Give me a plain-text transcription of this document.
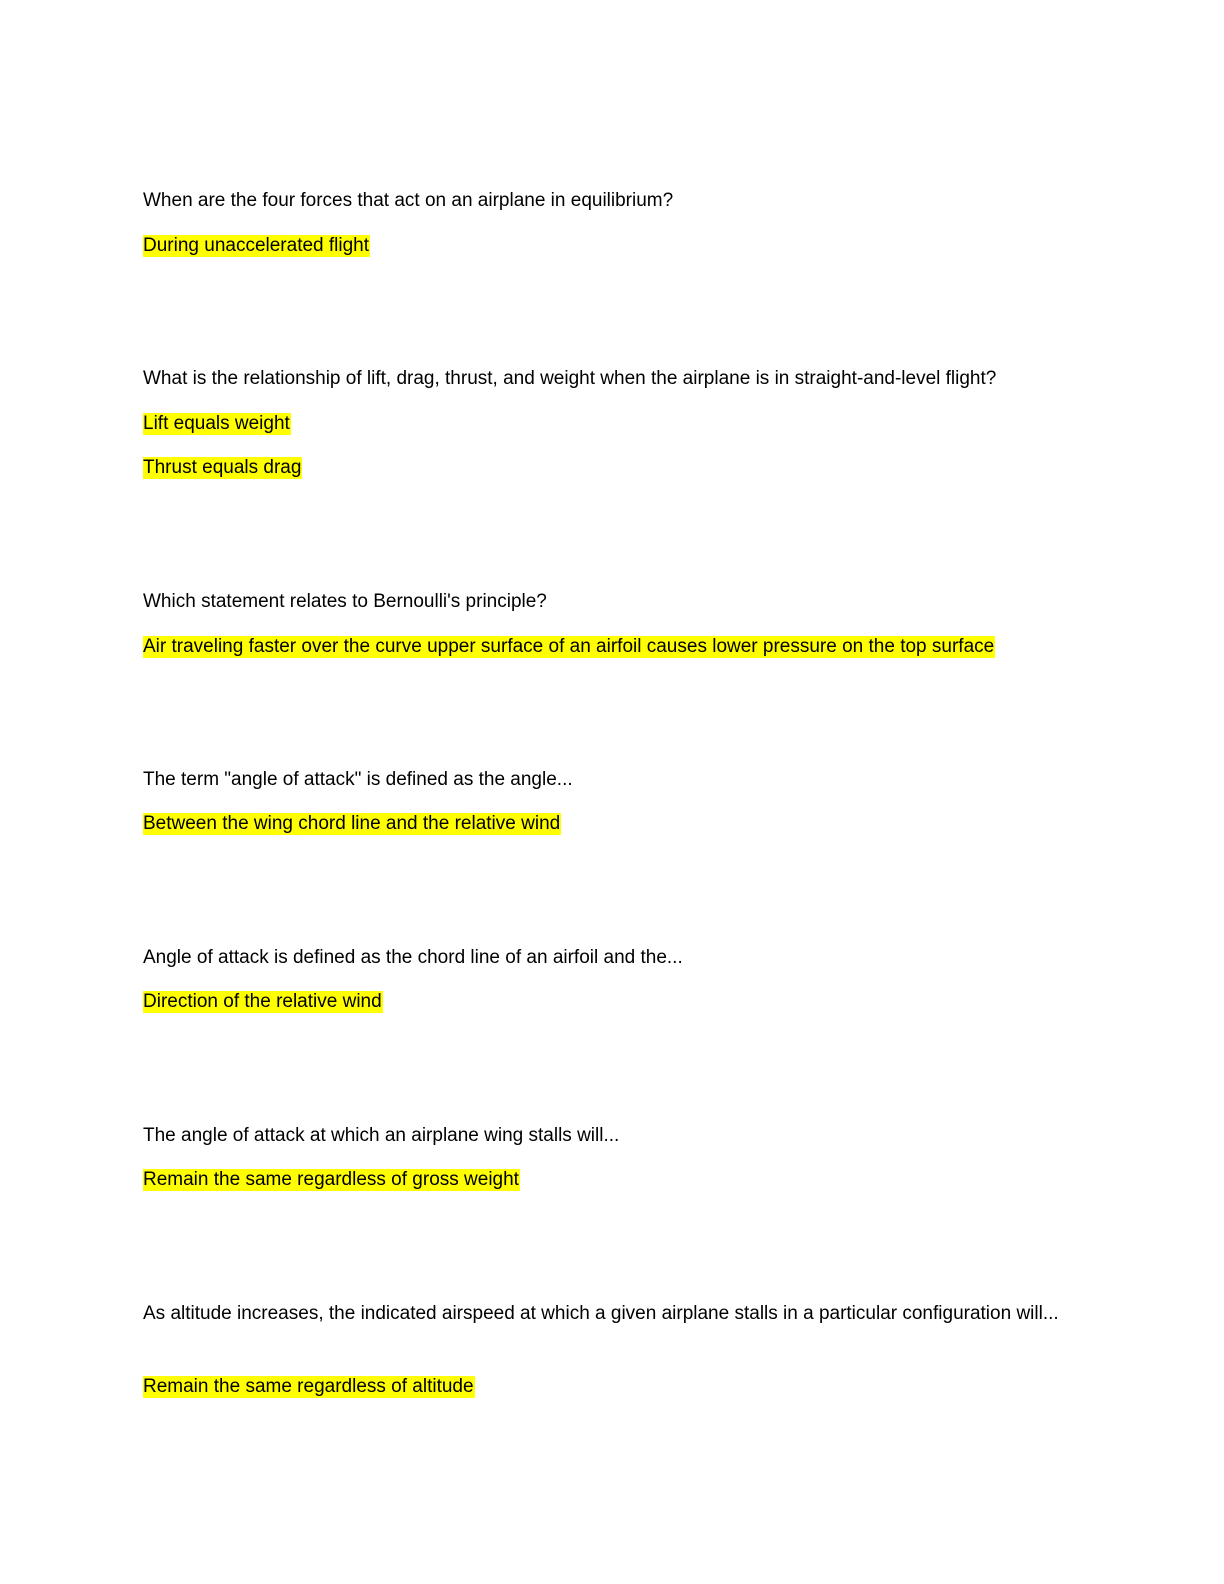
When are the four forces that act on an airplane in equilibrium?

During unaccelerated flight

What is the relationship of lift, drag, thrust, and weight when the airplane is in straight-and-level flight?

Lift equals weight

Thrust equals drag

Which statement relates to Bernoulli's principle?

Air traveling faster over the curve upper surface of an airfoil causes lower pressure on the top surface

The term "angle of attack" is defined as the angle...

Between the wing chord line and the relative wind

Angle of attack is defined as the chord line of an airfoil and the...

Direction of the relative wind

The angle of attack at which an airplane wing stalls will...

Remain the same regardless of gross weight

As altitude increases, the indicated airspeed at which a given airplane stalls in a particular configuration will...

Remain the same regardless of altitude
